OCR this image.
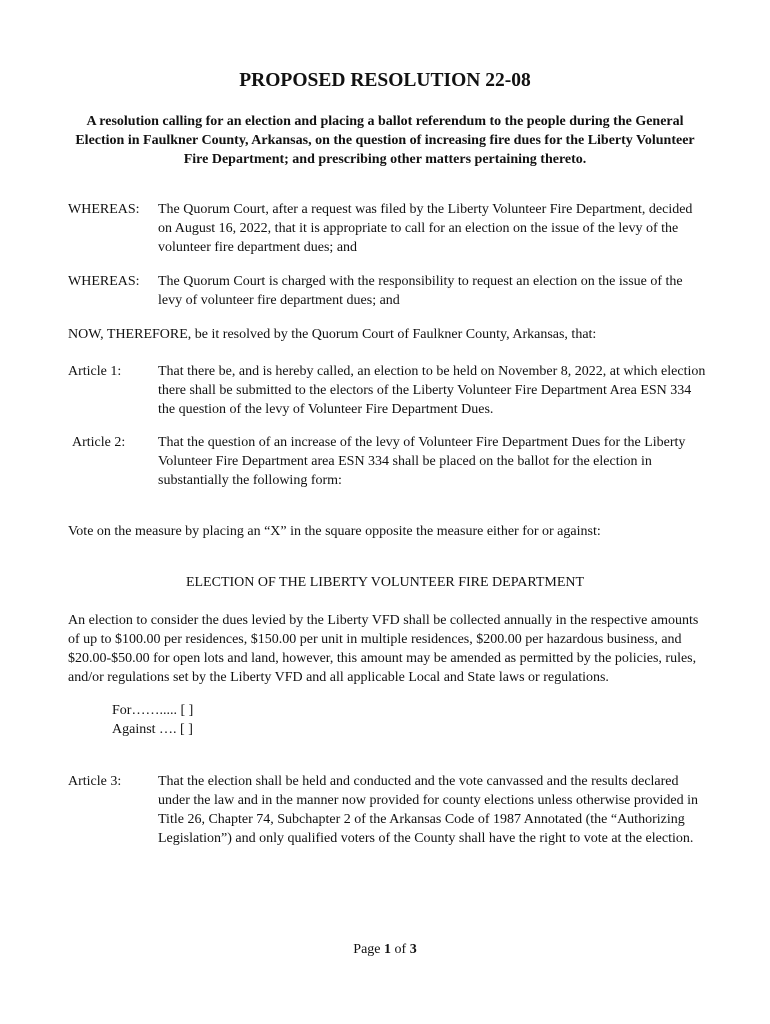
PROPOSED RESOLUTION 22-08
A resolution calling for an election and placing a ballot referendum to the people during the General Election in Faulkner County, Arkansas, on the question of increasing fire dues for the Liberty Volunteer Fire Department; and prescribing other matters pertaining thereto.
WHEREAS: The Quorum Court, after a request was filed by the Liberty Volunteer Fire Department, decided on August 16, 2022, that it is appropriate to call for an election on the issue of the levy of the volunteer fire department dues; and
WHEREAS: The Quorum Court is charged with the responsibility to request an election on the issue of the levy of volunteer fire department dues; and
NOW, THEREFORE, be it resolved by the Quorum Court of Faulkner County, Arkansas, that:
Article 1:	That there be, and is hereby called, an election to be held on November 8, 2022, at which election there shall be submitted to the electors of the Liberty Volunteer Fire Department Area ESN 334 the question of the levy of Volunteer Fire Department Dues.
Article 2: That the question of an increase of the levy of Volunteer Fire Department Dues for the Liberty Volunteer Fire Department area ESN 334 shall be placed on the ballot for the election in substantially the following form:
Vote on the measure by placing an “X” in the square opposite the measure either for or against:
ELECTION OF THE LIBERTY VOLUNTEER FIRE DEPARTMENT
An election to consider the dues levied by the Liberty VFD shall be collected annually in the respective amounts of up to $100.00 per residences, $150.00 per unit in multiple residences, $200.00 per hazardous business, and $20.00-$50.00 for open lots and land, however, this amount may be amended as permitted by the policies, rules, and/or regulations set by the Liberty VFD and all applicable Local and State laws or regulations.
For……..... [ ]
Against …. [ ]
Article 3:	That the election shall be held and conducted and the vote canvassed and the results declared under the law and in the manner now provided for county elections unless otherwise provided in Title 26, Chapter 74, Subchapter 2 of the Arkansas Code of 1987 Annotated (the “Authorizing Legislation”) and only qualified voters of the County shall have the right to vote at the election.
Page 1 of 3
